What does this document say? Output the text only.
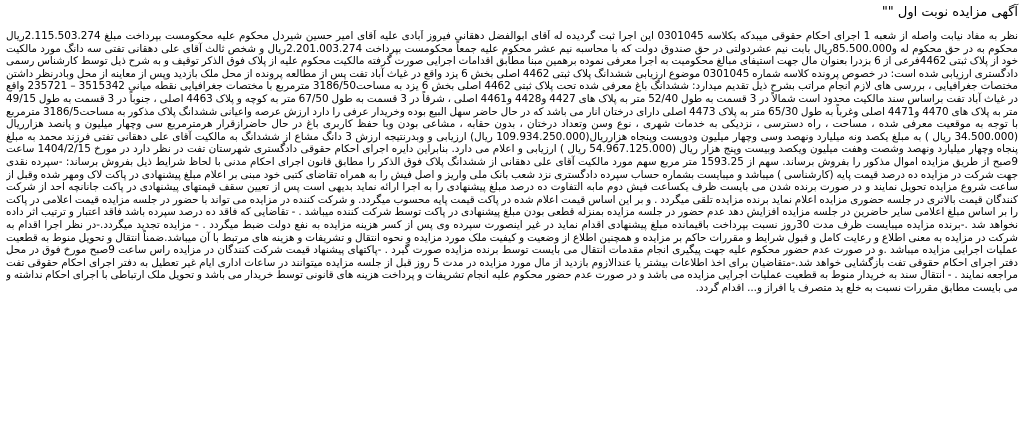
آگهی مزایده نوبت اول ""

نظر به مفاد نیابت واصله از شعبه 1 اجرای احکام حقوقی میبدکه بکلاسه 0301045 این اجرا ثبت گردیده له آقای ابوالفضل دهقانی فیروز آبادی علیه آقای امیر حسین شیردل محکوم علیه محکومست بپرداخت مبلغ 2.115.503.274ریال محکوم به در حق محکوم له و85.500.000ریال بابت نیم عشردولتی در حق صندوق دولت که با محاسبه نیم عشر محکوم علیه جمعاً محکومست بپرداخت 2.201.003.274ریال و شخص ثالث آقای علی دهقانی تفتی سه دانگ مورد مالکیت خود از پلاک ثبتی 4462فرعی از 6 بزدرا بعنوان مال جهت استیفای مبالغ محکومیت به اجرا معرفی نموده برهمین مبنا مطابق اقدامات اجرایی صورت گرفته مالکیت محکوم علیه از پلاک فوق الذکر توقیف و به شرح ذیل توسط کارشناس رسمی دادگستری ارزیابی شده است: در خصوص پرونده کلاسه شماره 0301045 موضوع ارزیابی ششدانگ پلاک ثبتی 4462 اصلی بخش 6 یزد واقع در غیاث آباد تفت پس از مطالعه پرونده از محل ملک بازدید وپس از معاینه از محل وبادرنظر داشتن مختصات جغرافیایی ، بررسی های لازم انجام مراتب بشرح ذیل تقدیم میدارد: ششدانگ باغ معرفی شده تحت پلاک ثبتی 4462 اصلی بخش 6 یزد به مساحت3186/50 مترمربع با مختصات جغرافیایی نقطه میانی 3515342 – 235721 واقع در غیاث آباد تفت براساس سند مالکیت محدود است شمالاً در 3 قسمت به طول 52/40 متر به پلاک های 4427 و4428 و4461 اصلی ، شرقاً در 3 قسمت به طول 67/50 متر به کوچه و پلاک 4463 اصلی ، جنوباً در 3 قسمت به طول 49/15 متر به پلاک های 4470 و4471 اصلی وغرباً به طول 65/30 متر به پلاک 4473 اصلی دارای درختان انار می باشد که در حال حاضر سهل البیع بوده وخریدار عرفی را دارد ارزش عرصه واعیانی ششدانگ پلاک مذکور به مساحت3186/5 مترمربع با توجه به موقعیت معرفی شده ، مساحت ، راه دسترسی ، نزدیکی به خدمات شهری ، نوع وسن وتعداد درختان ، بدون حقابه ، مشاعی بودن وبا حفظ کاربری باغ در حال حاضرازقرار هرمترمربع سی وچهار میلیون و پانصد هزارریال (34.500.000 ریال ) به مبلغ یکصد ونه میلیارد ونهصد وسی وچهار میلیون ودویست وپنجاه هزارریال(109.934.250.000 ریال) ارزیابی و وبدرنتیجه ارزش 3 دانگ مشاع از ششدانگ به مالکیت آقای علی دهقانی تفتی فرزند محمد به مبلغ پنجاه وچهار میلیارد ونهصد وشصت وهفت میلیون ویکصد وبیست وپنج هزار ریال (54.967.125.000 ریال ) ارزیابی و اعلام می دارد. بنابراین دایره اجرای احکام حقوقی دادگستری شهرستان تفت در نظر دارد در مورخ 1404/2/15 ساعت 9صبح از طریق مزایده اموال مذکور را بفروش برساند. سهم از 1593.25 متر مربع سهم مورد مالکیت آقای علی دهقانی از ششدانگ پلاک فوق الذکر را مطابق قانون اجرای احکام مدنی با لحاظ شرایط ذیل بفروش برساند: -سپرده نقدی جهت شرکت در مزایده ده درصد قیمت پایه (کارشناسی ) میباشد و میبایست بشماره حساب سپرده دادگستری نزد شعب بانک ملی واریز و اصل فیش را به همراه تقاضای کتبی خود مبنی بر اعلام مبلغ پیشنهادی در پاکت لاک ومهر شده وقبل از ساعت شروع مزایده تحویل نمایند و در صورت برنده شدن می بایست ظرف یکساعت فیش دوم مابه التفاوت ده درصد مبلغ پیشنهادی را به اجرا ارائه نماید بدیهی است پس از تعیین سقف قیمتهای پیشنهادی در پاکت جانانچه احد از شرکت کنندگان قیمت بالاتری در جلسه حضوری مزایده اعلام نماید برنده مزایده تلقی میگردد . و بر این اساس قیمت اعلام شده در پاکت قیمت پایه محسوب میگردد. و شرکت کننده در مزایده می تواند با حضور در جلسه مزایده قیمت اعلامی در پاکت را بر اساس مبلغ اعلامی سایر حاضرین در جلسه مزایده افزایش دهد عدم حضور در جلسه مزایده بمنزله قطعی بودن مبلغ پیشنهادی در پاکت توسط شرکت کننده میباشد . - تقاضایی که فاقد ده درصد سپرده باشد فاقد اعتبار و ترتیب اثر داده نخواهد شد .-برنده مزایده میبایست ظرف مدت 30روز نسبت بپرداخت باقیمانده مبلغ پیشنهادی اقدام نماید در غیر اینصورت سپرده وی پس از کسر هزینه مزایده به نفع دولت ضبط میگردد . - مزایده تجدید میگردد.-در نظر اجرا اقدام به شرکت در مزایده به معنی اطلاع و رعایت کامل و قبول شرایط و مقررات حاکم بر مزایده و همچنین اطلاع از وضعیت و کیفیت ملک مورد مزایده و نحوه انتقال و تشریفات و هزینه های مرتبط با آن میباشد.ضمناً انتقال و تحویل منوط به قطعیت عملیات اجرایی مزایده میباشد .و در صورت عدم حضور محکوم علیه جهت پیگیری انجام مقدمات انتقال می بایست توسط برنده مزایده صورت گیرد . -پاکتهای پیشنهاد قیمت شرکت کنندگان در مزایده راس ساعت 9صبح مورخ فوق در محل دفتر اجرای احکام حقوقی تفت بازگشایی خواهد شد.-متقاضیان برای اخذ اطلاعات بیشتر یا عندالازوم بازدید از مال مورد مزایده در مدت 5 روز قبل از جلسه مزایده میتوانند در ساعات اداری ایام غیر تعطیل به دفتر اجرای احکام حقوقی تفت مراجعه نمایند . - انتقال سند به خریدار منوط به قطعیت عملیات اجرایی مزایده می باشد و در صورت عدم حضور محکوم علیه انجام تشریفات و پرداخت هزینه های قانونی توسط خریدار می باشد و تحویل ملک ارتباطی با اجرای احکام نداشته و می بایست مطابق مقررات نسبت به خلع ید متصرف یا افراز و... اقدام گردد.
